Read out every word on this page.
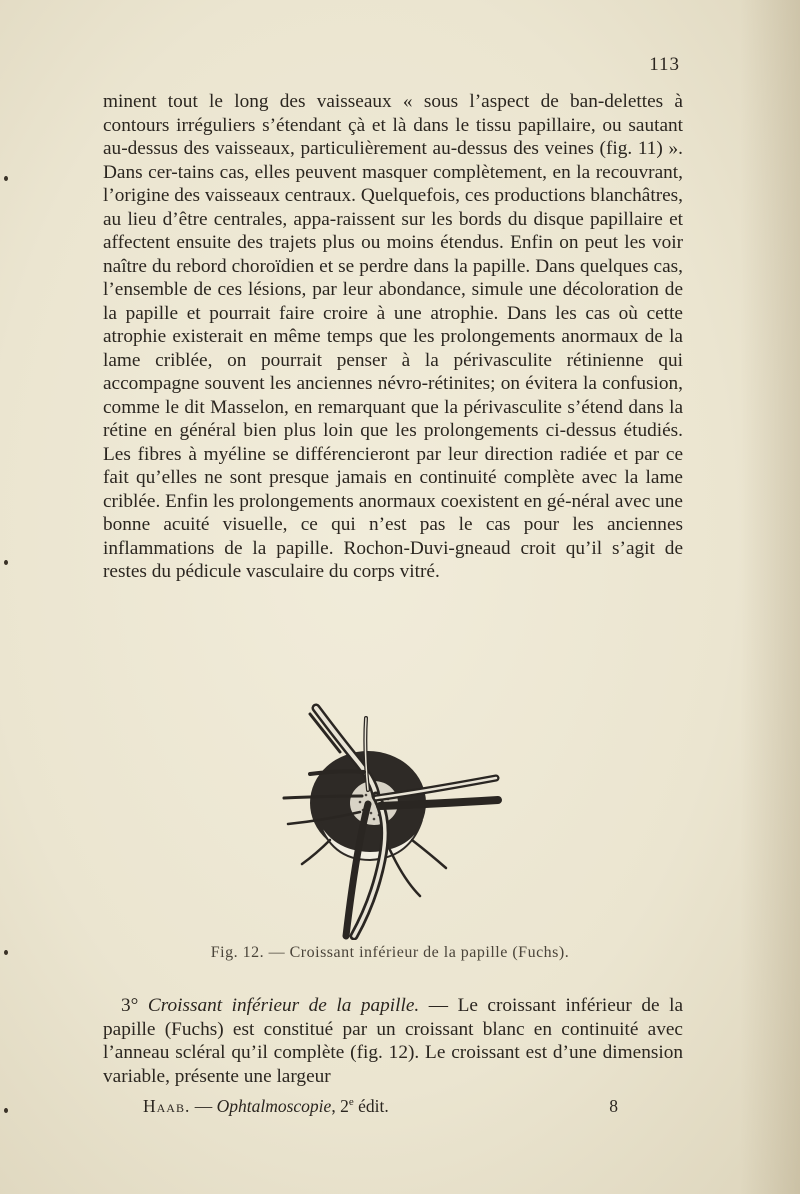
113

minent tout le long des vaisseaux « sous l’aspect de ban-delettes à contours irréguliers s’étendant çà et là dans le tissu papillaire, ou sautant au-dessus des vaisseaux, particulièrement au-dessus des veines (fig. 11) ». Dans cer-tains cas, elles peuvent masquer complètement, en la recouvrant, l’origine des vaisseaux centraux. Quelquefois, ces productions blanchâtres, au lieu d’être centrales, appa-raissent sur les bords du disque papillaire et affectent ensuite des trajets plus ou moins étendus. Enfin on peut les voir naître du rebord choroïdien et se perdre dans la papille. Dans quelques cas, l’ensemble de ces lésions, par leur abondance, simule une décoloration de la papille et pourrait faire croire à une atrophie. Dans les cas où cette atrophie existerait en même temps que les prolongements anormaux de la lame criblée, on pourrait penser à la périvasculite rétinienne qui accompagne souvent les anciennes névro-rétinites; on évitera la confusion, comme le dit Masselon, en remarquant que la périvasculite s’étend dans la rétine en général bien plus loin que les prolongements ci-dessus étudiés. Les fibres à myéline se différencieront par leur direction radiée et par ce fait qu’elles ne sont presque jamais en continuité complète avec la lame criblée. Enfin les prolongements anormaux coexistent en gé-néral avec une bonne acuité visuelle, ce qui n’est pas le cas pour les anciennes inflammations de la papille. Rochon-Duvi-gneaud croit qu’il s’agit de restes du pédicule vasculaire du corps vitré.

Fig. 12. — Croissant inférieur de la papille (Fuchs).

3° Croissant inférieur de la papille. — Le croissant inférieur de la papille (Fuchs) est constitué par un croissant blanc en continuité avec l’anneau scléral qu’il complète (fig. 12). Le croissant est d’une dimension variable, présente une largeur

Haab. — Ophtalmoscopie, 2e édit.	8
